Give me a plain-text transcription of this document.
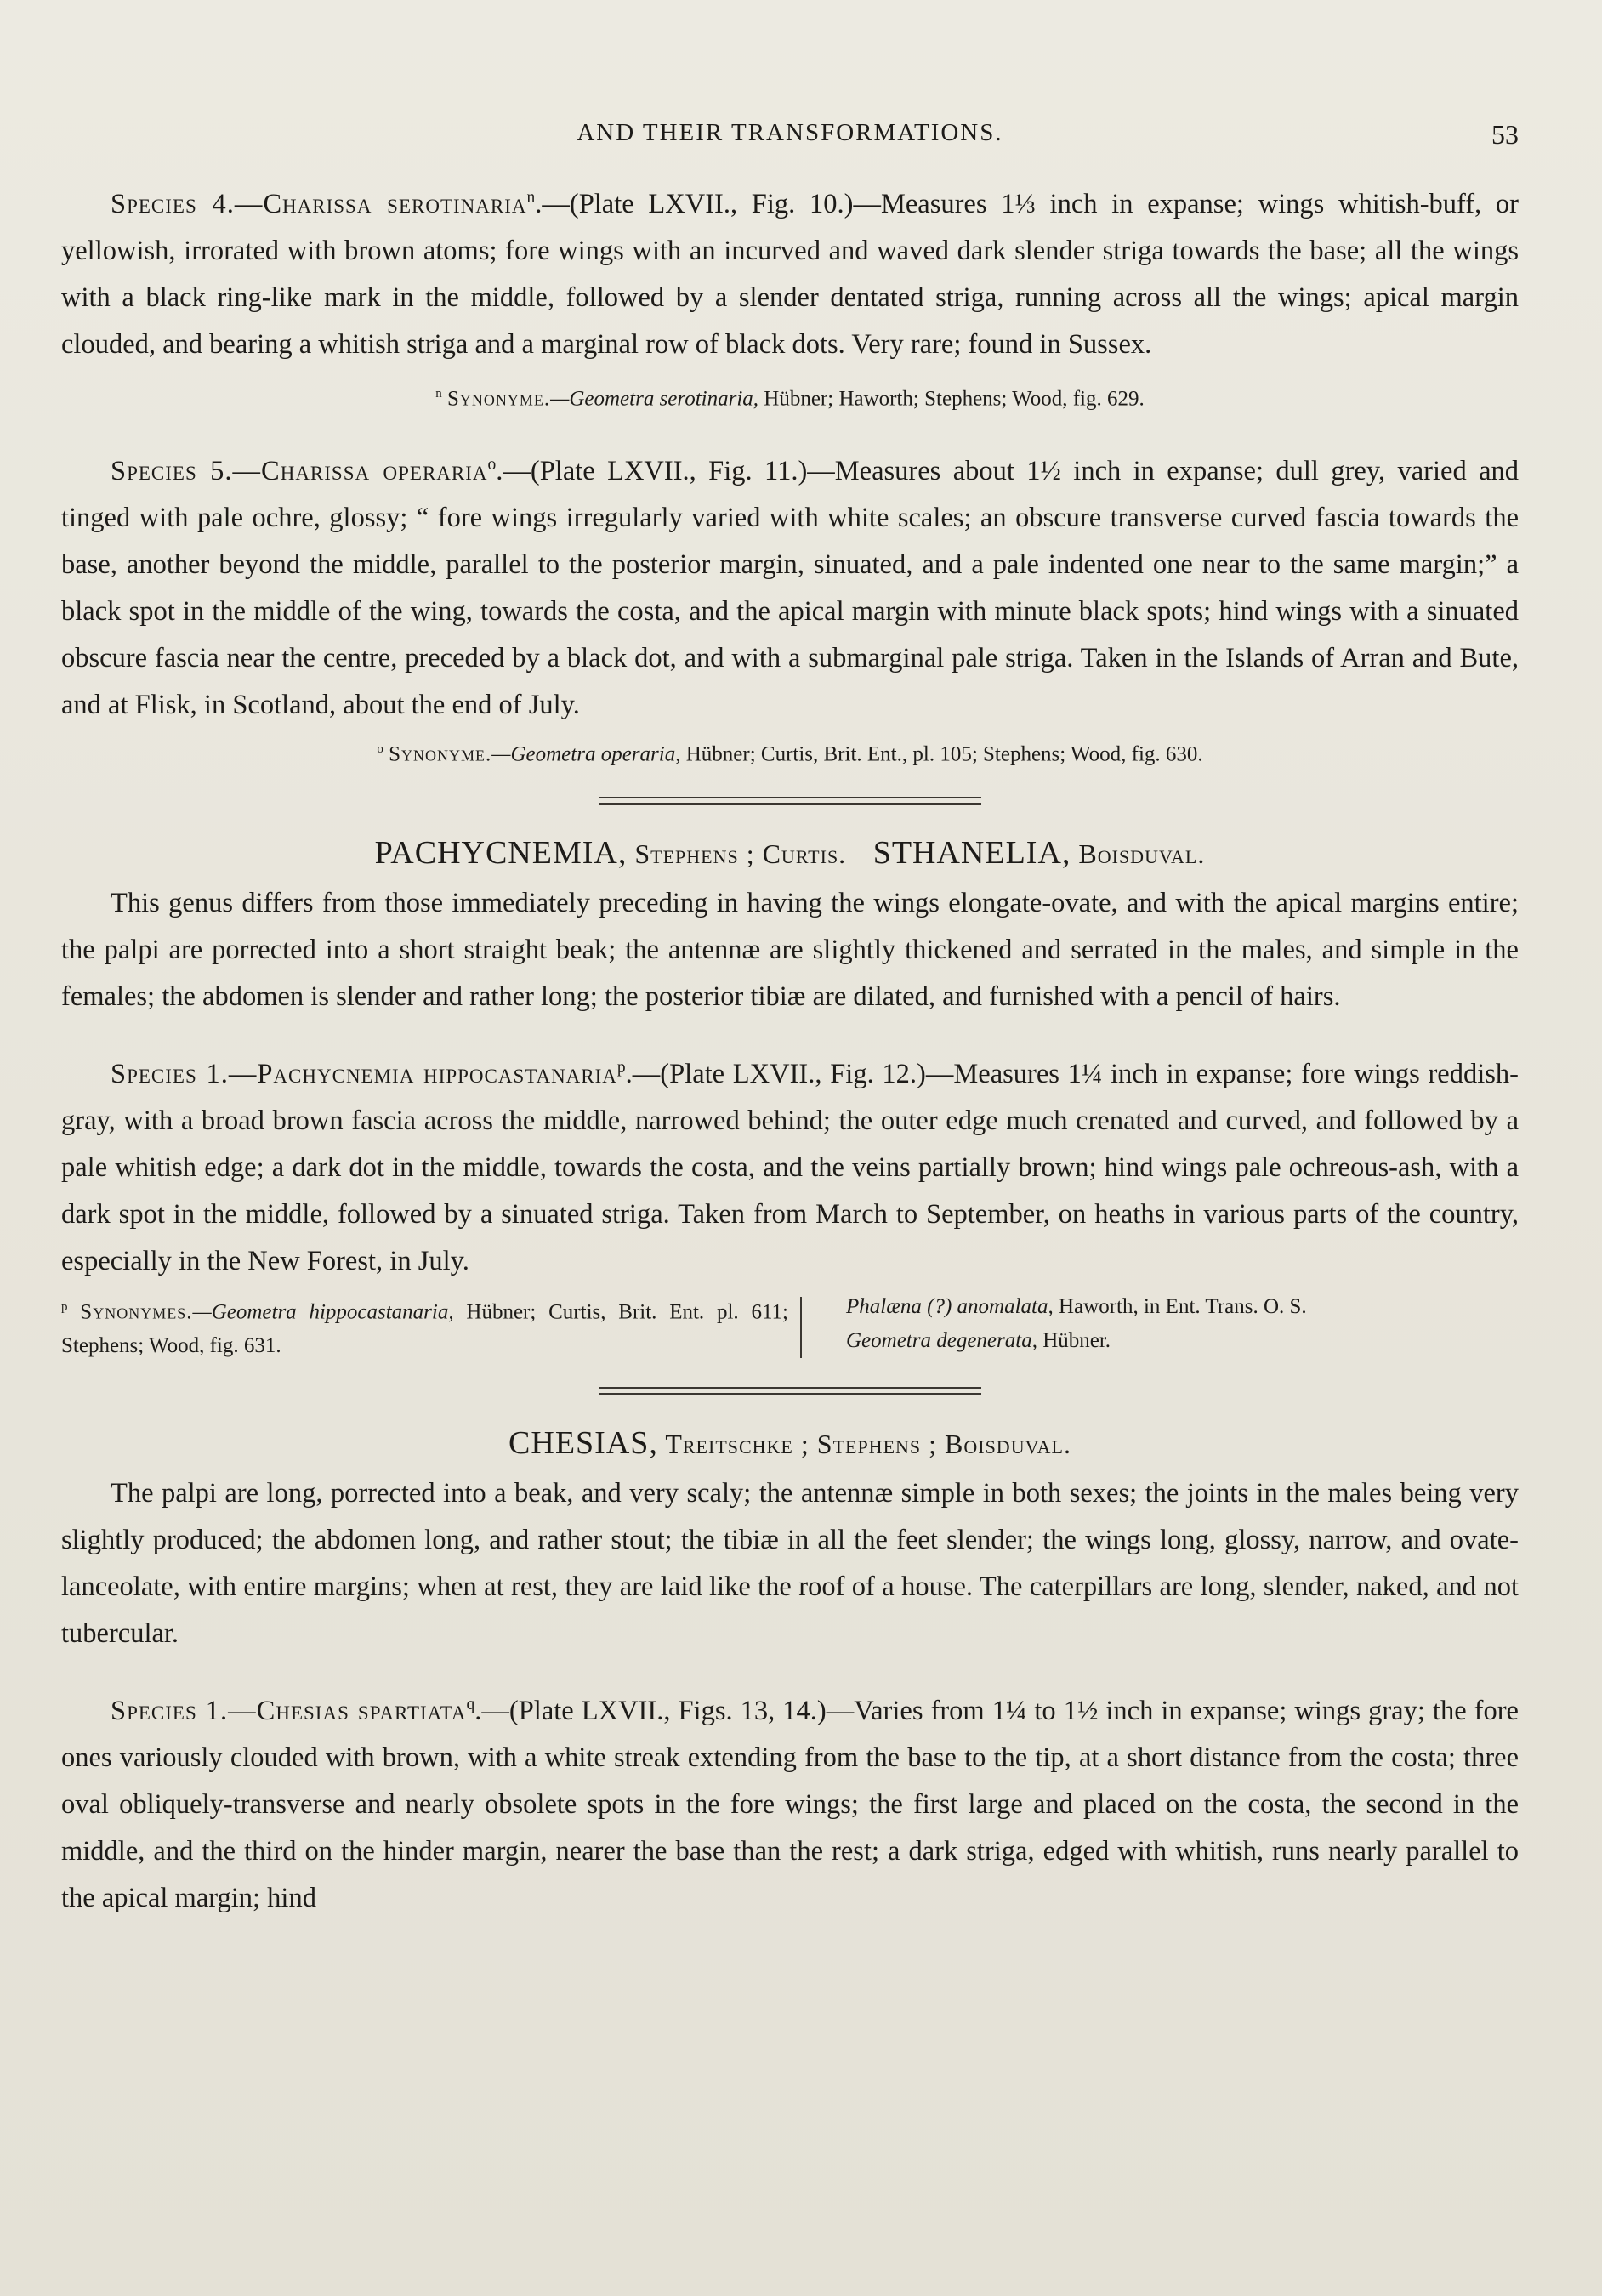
AND THEIR TRANSFORMATIONS.	53

Species 4.—Charissa serotinaria$^n$.—(Plate LXVII., Fig. 10.)—Measures 1⅓ inch in expanse; wings whitish-buff, or yellowish, irrorated with brown atoms; fore wings with an incurved and waved dark slender striga towards the base; all the wings with a black ring-like mark in the middle, followed by a slender dentated striga, running across all the wings; apical margin clouded, and bearing a whitish striga and a marginal row of black dots. Very rare; found in Sussex.

$^n$ Synonyme.—Geometra serotinaria, Hübner; Haworth; Stephens; Wood, fig. 629.

Species 5.—Charissa operaria$^o$.—(Plate LXVII., Fig. 11.)—Measures about 1½ inch in expanse; dull grey, varied and tinged with pale ochre, glossy; “ fore wings irregularly varied with white scales; an obscure transverse curved fascia towards the base, another beyond the middle, parallel to the posterior margin, sinuated, and a pale indented one near to the same margin;” a black spot in the middle of the wing, towards the costa, and the apical margin with minute black spots; hind wings with a sinuated obscure fascia near the centre, preceded by a black dot, and with a submarginal pale striga. Taken in the Islands of Arran and Bute, and at Flisk, in Scotland, about the end of July.

$^o$ Synonyme.—Geometra operaria, Hübner; Curtis, Brit. Ent., pl. 105; Stephens; Wood, fig. 630.
PACHYCNEMIA, Stephens ; Curtis. STHANELIA, Boisduval.

This genus differs from those immediately preceding in having the wings elongate-ovate, and with the apical margins entire; the palpi are porrected into a short straight beak; the antennæ are slightly thickened and serrated in the males, and simple in the females; the abdomen is slender and rather long; the posterior tibiæ are dilated, and furnished with a pencil of hairs.

Species 1.—Pachycnemia hippocastanaria$^p$.—(Plate LXVII., Fig. 12.)—Measures 1¼ inch in expanse; fore wings reddish-gray, with a broad brown fascia across the middle, narrowed behind; the outer edge much crenated and curved, and followed by a pale whitish edge; a dark dot in the middle, towards the costa, and the veins partially brown; hind wings pale ochreous-ash, with a dark spot in the middle, followed by a sinuated striga. Taken from March to September, on heaths in various parts of the country, especially in the New Forest, in July.

$^p$ Synonymes.—Geometra hippocastanaria, Hübner; Curtis, Brit. Ent. pl. 611; Stephens; Wood, fig. 631.
Phalæna (?) anomalata, Haworth, in Ent. Trans. O. S.
Geometra degenerata, Hübner.
CHESIAS, Treitschke ; Stephens ; Boisduval.

The palpi are long, porrected into a beak, and very scaly; the antennæ simple in both sexes; the joints in the males being very slightly produced; the abdomen long, and rather stout; the tibiæ in all the feet slender; the wings long, glossy, narrow, and ovate-lanceolate, with entire margins; when at rest, they are laid like the roof of a house. The caterpillars are long, slender, naked, and not tubercular.

Species 1.—Chesias spartiata$^q$.—(Plate LXVII., Figs. 13, 14.)—Varies from 1¼ to 1½ inch in expanse; wings gray; the fore ones variously clouded with brown, with a white streak extending from the base to the tip, at a short distance from the costa; three oval obliquely-transverse and nearly obsolete spots in the fore wings; the first large and placed on the costa, the second in the middle, and the third on the hinder margin, nearer the base than the rest; a dark striga, edged with whitish, runs nearly parallel to the apical margin; hind
